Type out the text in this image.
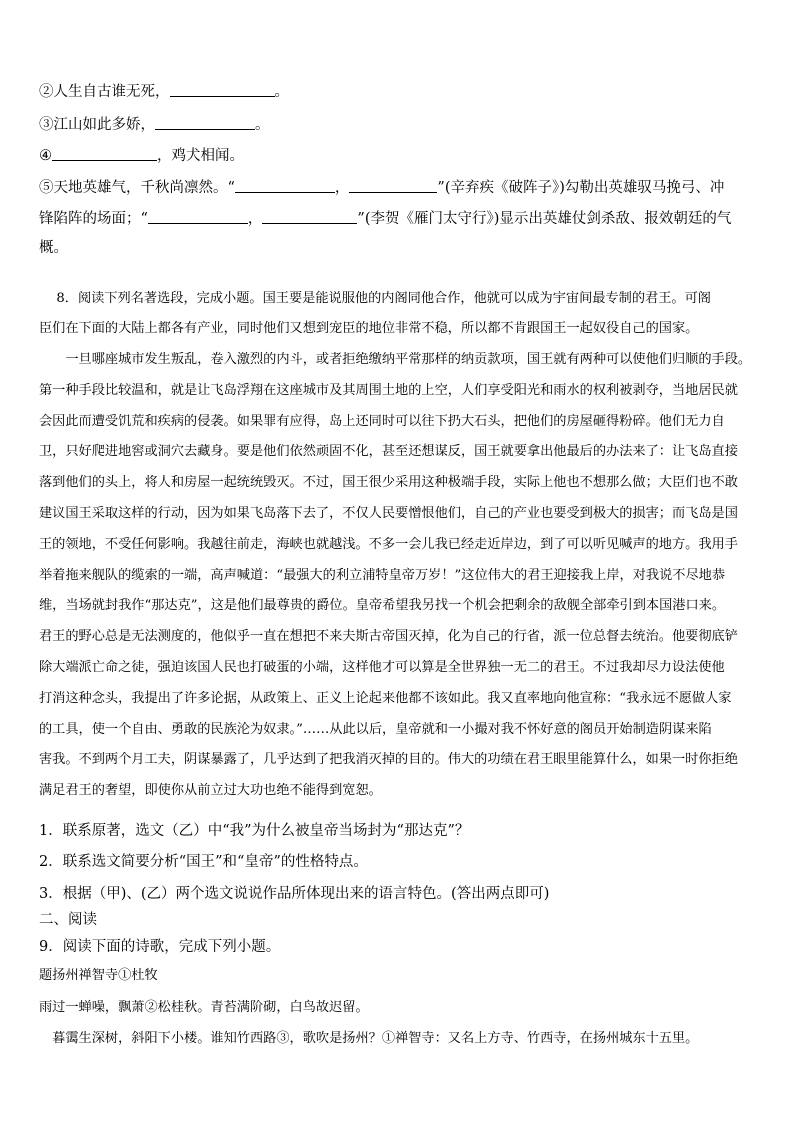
②人生自古谁无死，	。
③江山如此多娇，	。
④	，鸡犬相闻。
⑤天地英雄气，千秋尚凛然。“	，	”(辛弃疾《破阵子》)勾勒出英雄驭马挽弓、冲
锋陷阵的场面；“	，	”(李贺《雁门太守行》)显示出英雄仗剑杀敌、报效朝廷的气
概。
　 8．阅读下列名著选段，完成小题。国王要是能说服他的内阁同他合作，他就可以成为宇宙间最专制的君王。可阁
臣们在下面的大陆上都各有产业，同时他们又想到宠臣的地位非常不稳，所以都不肯跟国王一起奴役自己的国家。
　　一旦哪座城市发生叛乱，卷入激烈的内斗，或者拒绝缴纳平常那样的纳贡款项，国王就有两种可以使他们归顺的手段。
第一种手段比较温和，就是让飞岛浮翔在这座城市及其周围土地的上空，人们享受阳光和雨水的权利被剥夺，当地居民就
会因此而遭受饥荒和疾病的侵袭。如果罪有应得，岛上还同时可以往下扔大石头，把他们的房屋砸得粉碎。他们无力自
卫，只好爬进地窖或洞穴去藏身。要是他们依然顽固不化，甚至还想谋反，国王就要拿出他最后的办法来了：让飞岛直接
落到他们的头上，将人和房屋一起统统毁灭。不过，国王很少采用这种极端手段，实际上他也不想那么做；大臣们也不敢
建议国王采取这样的行动，因为如果飞岛落下去了，不仅人民要憎恨他们，自己的产业也要受到极大的损害；而飞岛是国
王的领地，不受任何影响。我越往前走，海峡也就越浅。不多一会儿我已经走近岸边，到了可以听见喊声的地方。我用手
举着拖来舰队的缆索的一端，高声喊道：“最强大的利立浦特皇帝万岁！”这位伟大的君王迎接我上岸，对我说不尽地恭
维，当场就封我作“那达克”，这是他们最尊贵的爵位。皇帝希望我另找一个机会把剩余的敌舰全部牵引到本国港口来。
君王的野心总是无法测度的，他似乎一直在想把不来夫斯古帝国灭掉，化为自己的行省，派一位总督去统治。他要彻底铲
除大端派亡命之徒，强迫该国人民也打破蛋的小端，这样他才可以算是全世界独一无二的君王。不过我却尽力设法使他
打消这种念头，我提出了许多论据，从政策上、正义上论起来他都不该如此。我又直率地向他宣称：“我永远不愿做人家
的工具，使一个自由、勇敢的民族沦为奴隶。”……从此以后，皇帝就和一小撮对我不怀好意的阁员开始制造阴谋来陷
害我。不到两个月工夫，阴谋暴露了，几乎达到了把我消灭掉的目的。伟大的功绩在君王眼里能算什么，如果一时你拒绝
满足君王的奢望，即使你从前立过大功也绝不能得到宽恕。
1．联系原著，选文（乙）中“我”为什么被皇帝当场封为“那达克”？
2．联系选文简要分析“国王”和“皇帝”的性格特点。
3．根据（甲)、(乙）两个选文说说作品所体现出来的语言特色。(答出两点即可)
二、阅读
9．阅读下面的诗歌，完成下列小题。
题扬州禅智寺①杜牧
雨过一蝉噪，飘萧②松桂秋。青苔满阶砌，白鸟故迟留。
　暮霭生深树，斜阳下小楼。谁知竹西路③，歌吹是扬州？①禅智寺：又名上方寺、竹西寺，在扬州城东十五里。
